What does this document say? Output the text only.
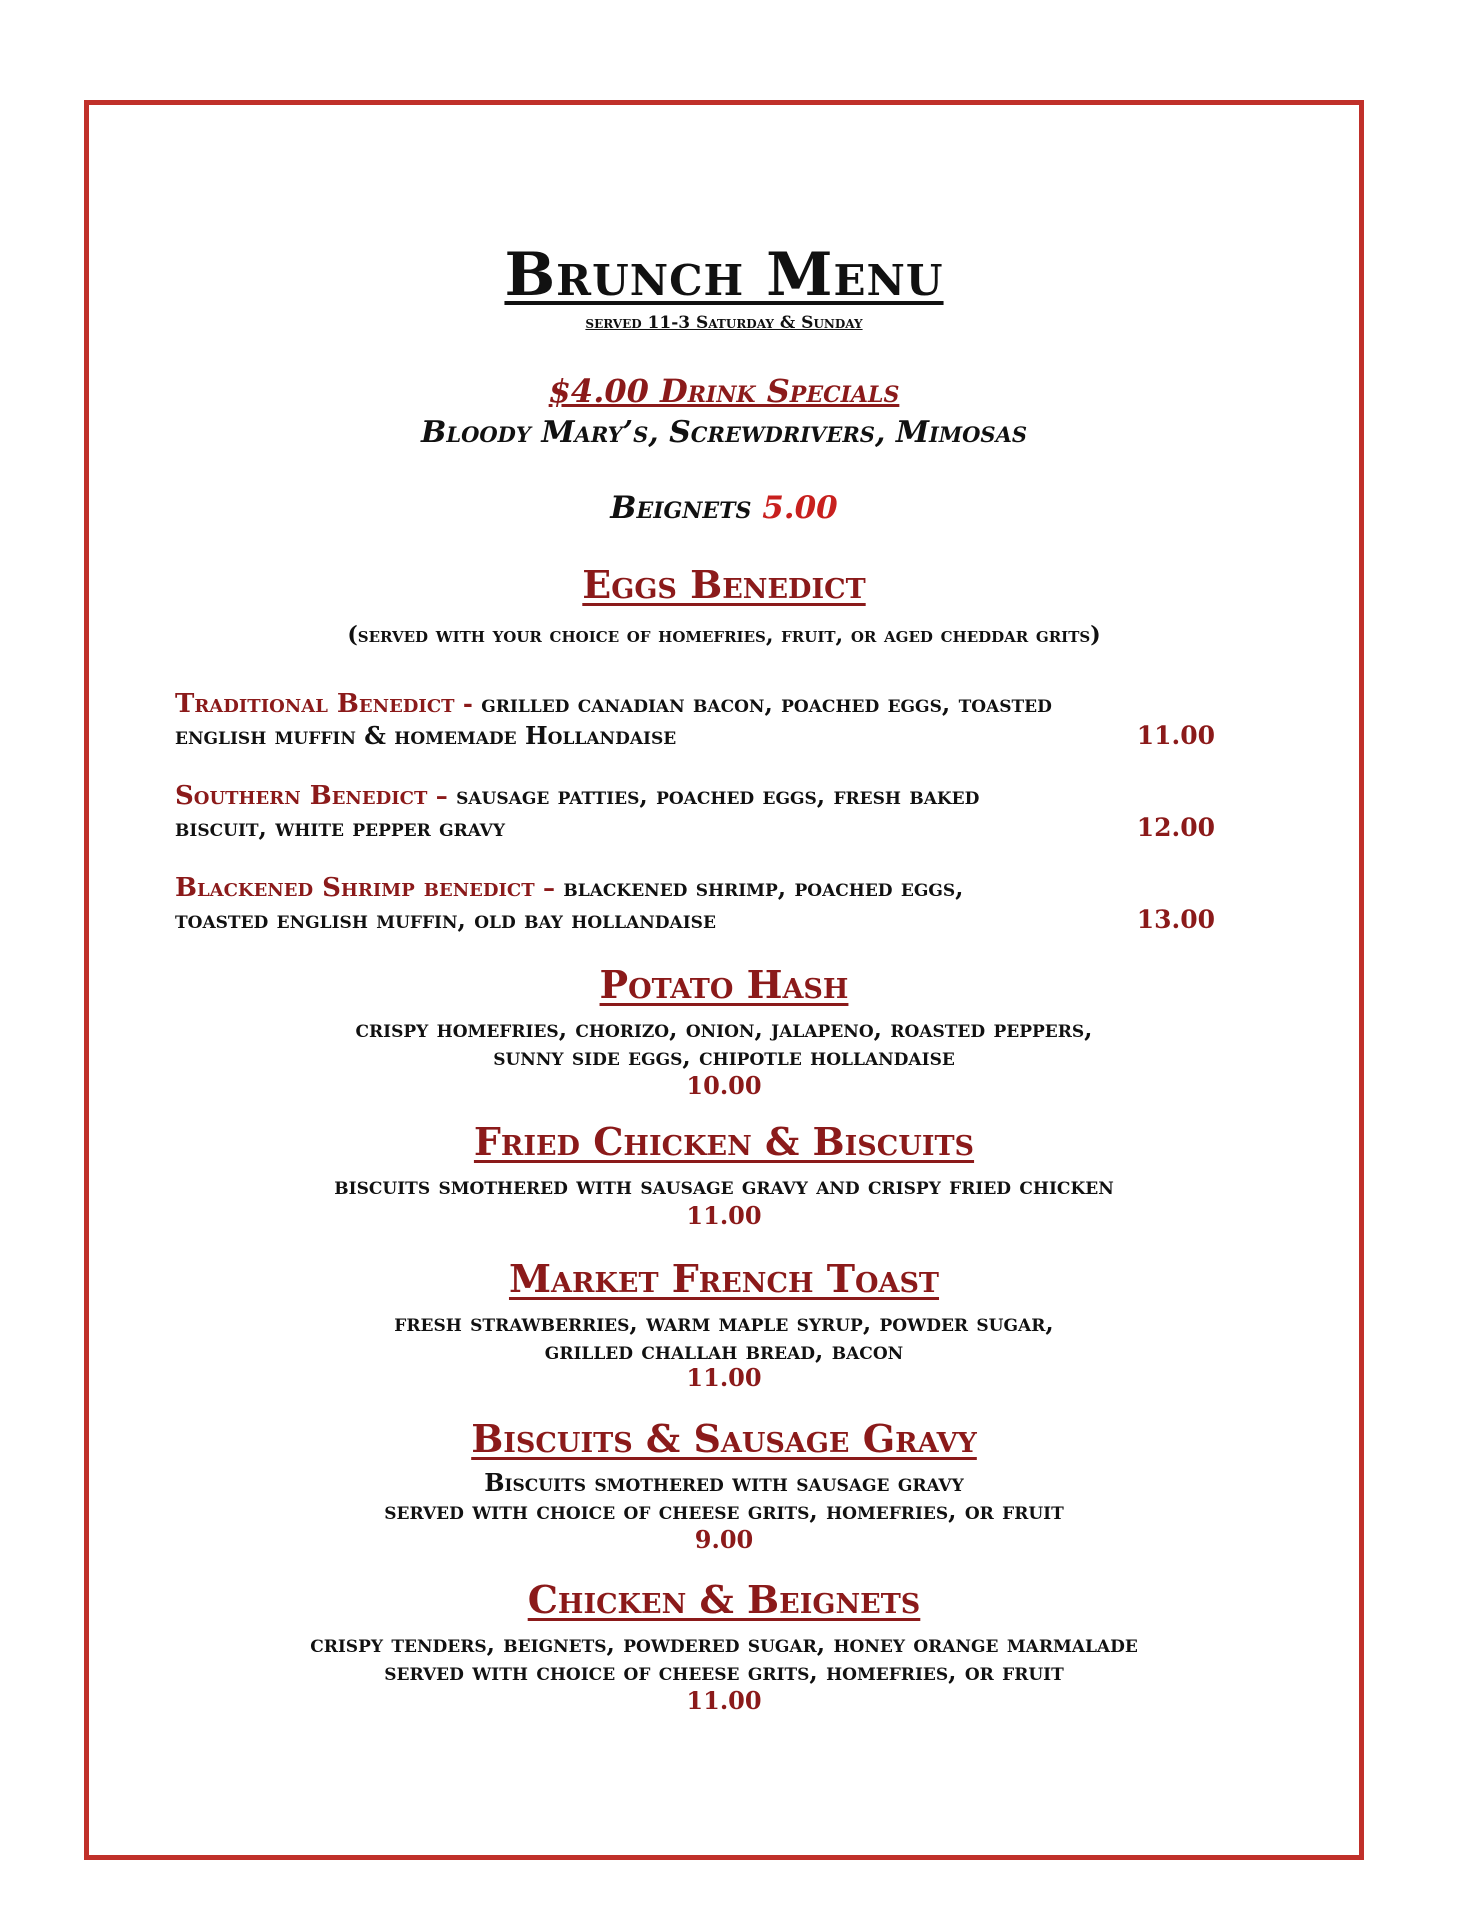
Brunch Menu
served 11-3 Saturday & Sunday
$4.00 Drink Specials
Bloody Mary’s, Screwdrivers, Mimosas
Beignets 5.00
Eggs Benedict
(served with your choice of homefries, fruit, or aged cheddar grits)
Traditional Benedict - grilled canadian bacon, poached eggs, toasted
english muffin & homemade Hollandaise	11.00
Southern Benedict – sausage patties, poached eggs, fresh baked
biscuit, white pepper gravy	12.00
Blackened Shrimp benedict – blackened shrimp, poached eggs,
toasted english muffin, old bay hollandaise	13.00
Potato Hash
crispy homefries, chorizo, onion, jalapeno, roasted peppers,
sunny side eggs, chipotle hollandaise
10.00
Fried Chicken & Biscuits
biscuits smothered with sausage gravy and crispy fried chicken
11.00
Market French Toast
fresh strawberries, warm maple syrup, powder sugar,
grilled challah bread, bacon
11.00
Biscuits & Sausage Gravy
Biscuits smothered with sausage gravy
served with choice of cheese grits, homefries, or fruit
9.00
Chicken & Beignets
crispy tenders, beignets, powdered sugar, honey orange marmalade
served with choice of cheese grits, homefries, or fruit
11.00
